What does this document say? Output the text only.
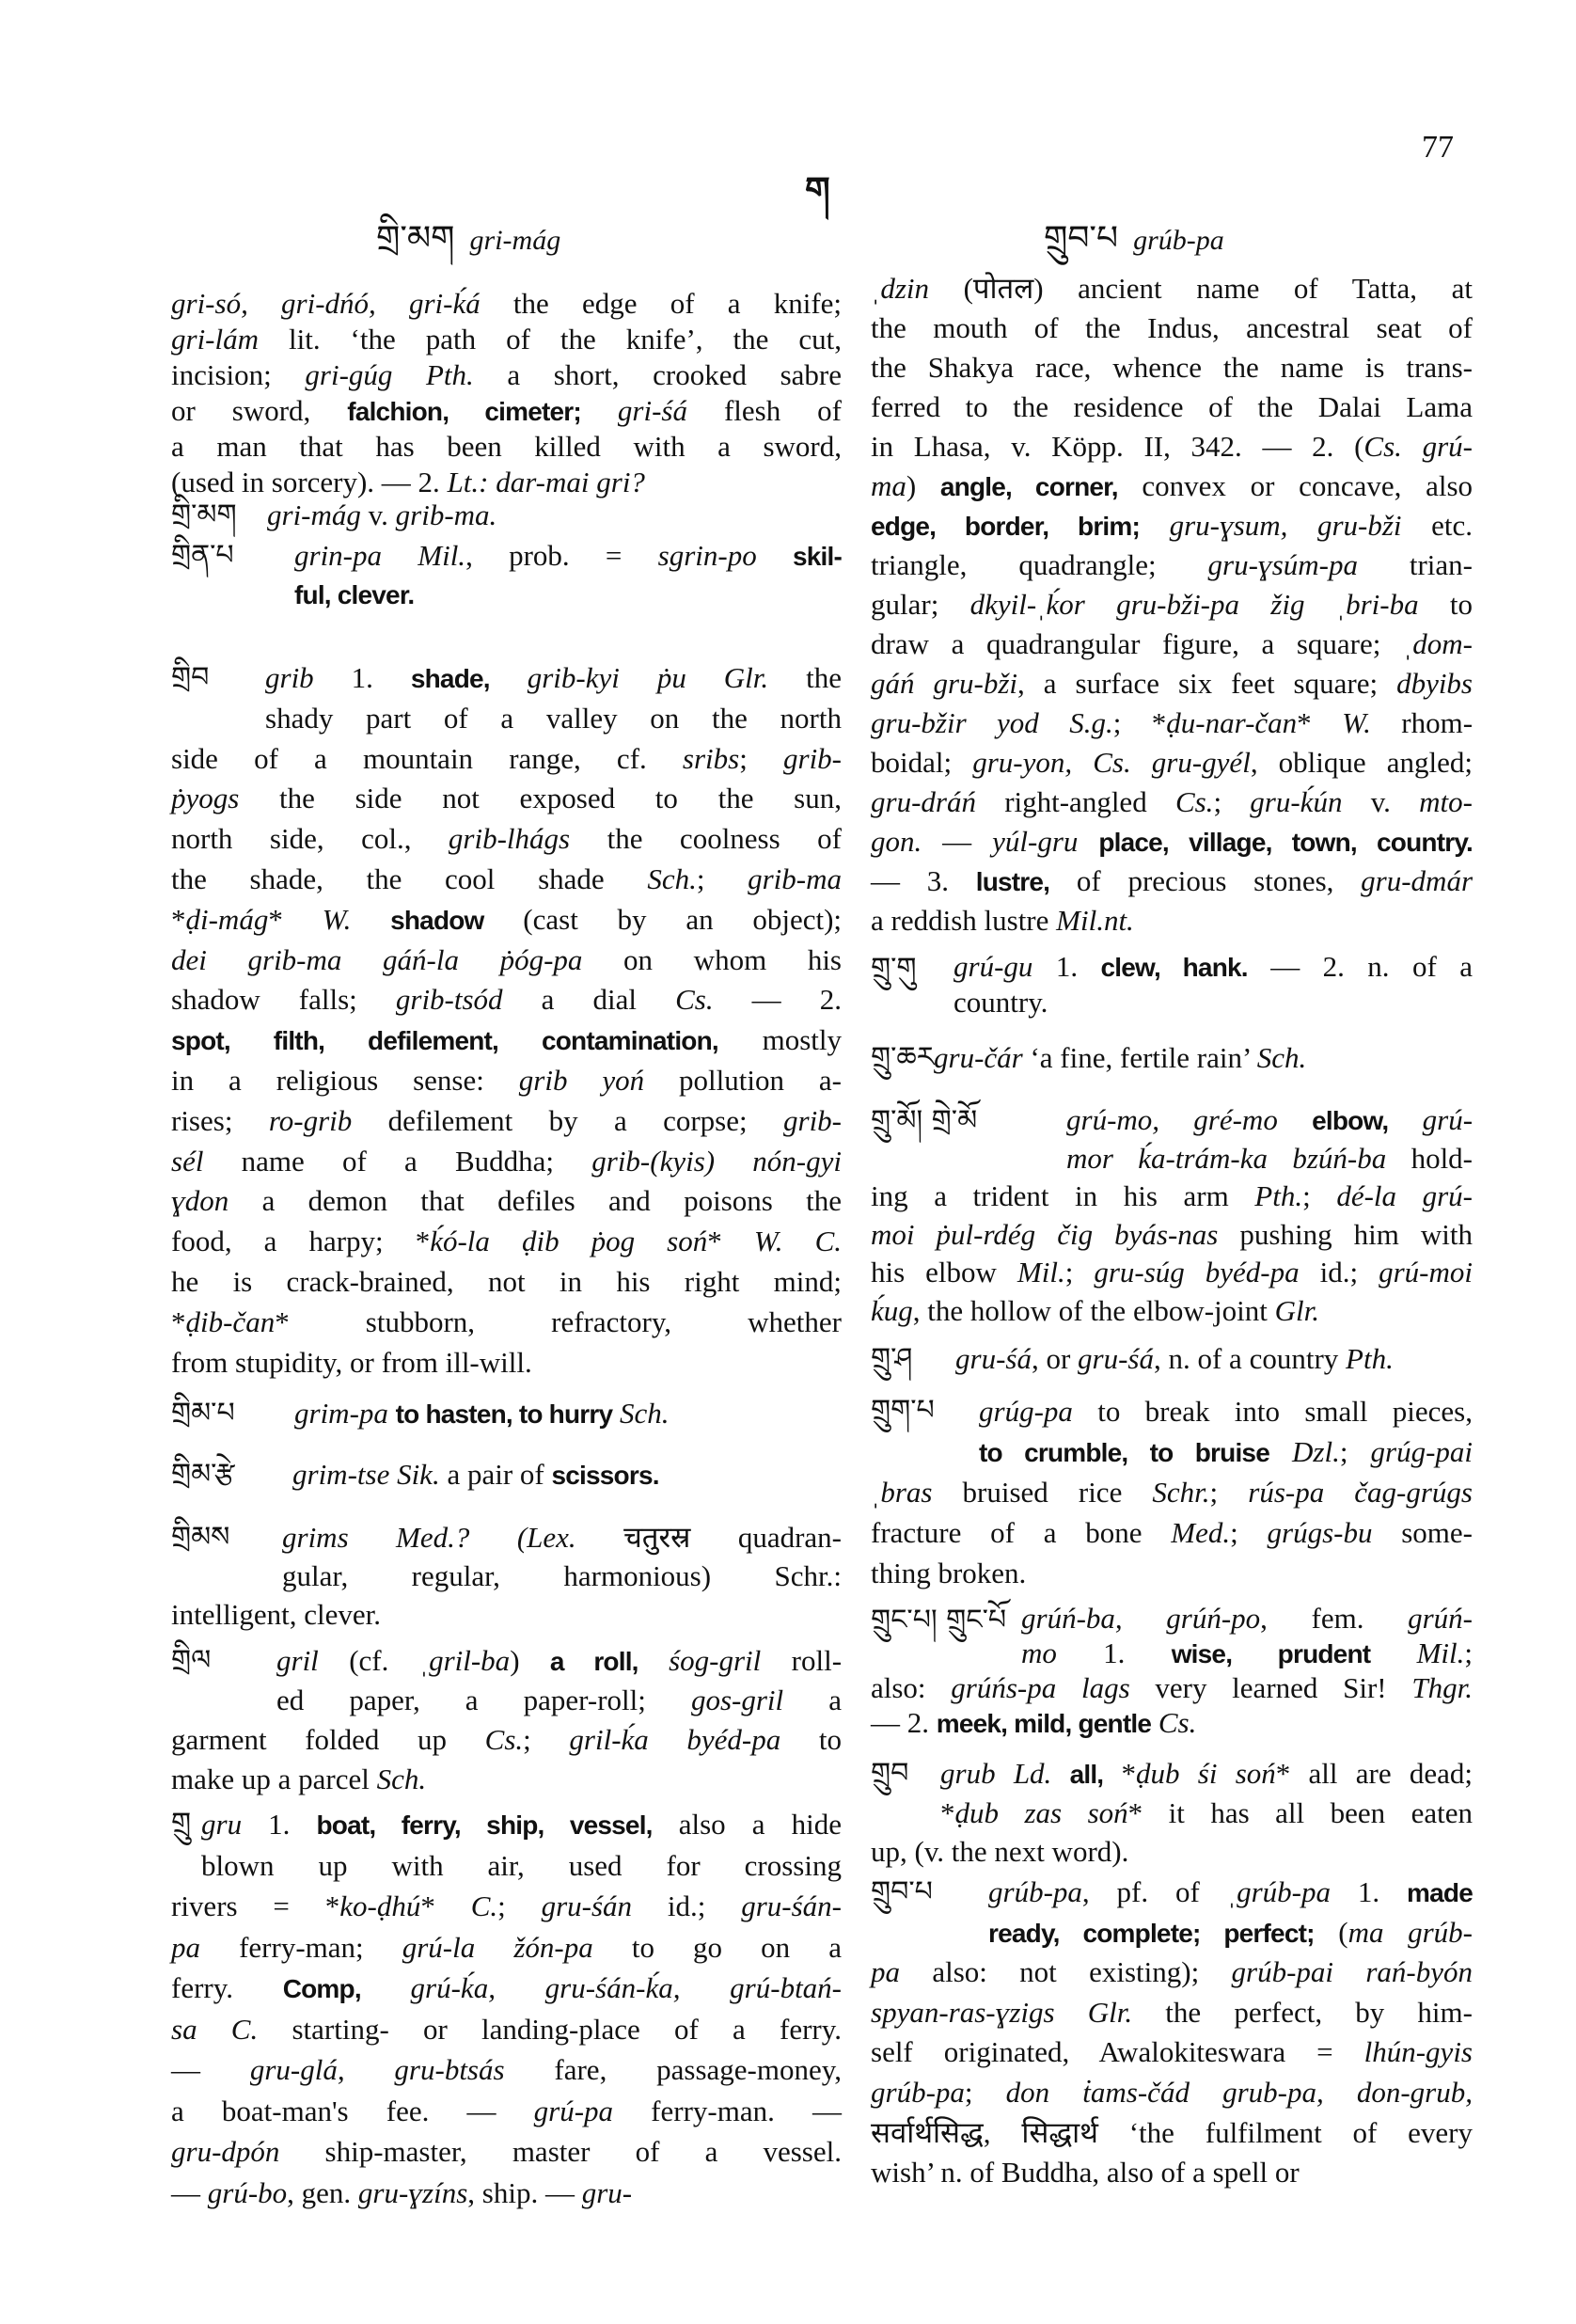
77
གྲི་མག gri-mág
ག
གྲུབ་པ grúb-pa
gri-só, gri-dńó, gri-ḱá the edge of a knife;
gri-lám lit. ‘the path of the knife’, the cut,
incision; gri-gúg Pth. a short, crooked sabre
or sword, falchion, cimeter; gri-śá flesh of
a man that has been killed with a sword,
(used in sorcery). — 2. Lt.: dar-mai gri?
གྲི་མག	gri-mág v. grib-ma.
གྲིན་པ	grin-pa Mil., prob. = sgrin-po skil-
ful, clever.
གྲིབ	grib 1. shade, grib-kyi ṗu Glr. the
shady part of a valley on the north
side of a mountain range, cf. sribs; grib-
ṗyogs the side not exposed to the sun,
north side, col., grib-lhágs the coolness of
the shade, the cool shade Sch.; grib-ma
*ḍi-mág* W. shadow (cast by an object);
dei grib-ma gáń-la ṗóg-pa on whom his
shadow falls; grib-tsód a dial Cs. — 2.
spot, filth, defilement, contamination, mostly
in a religious sense: grib yoń pollution a-
rises; ro-grib defilement by a corpse; grib-
sél name of a Buddha; grib-(kyis) nón-gyi
ɣdon a demon that defiles and poisons the
food, a harpy; *ḱó-la ḍib ṗog soń* W. C.
he is crack-brained, not in his right mind;
*ḍib-čan* stubborn, refractory, whether
from stupidity, or from ill-will.
གྲིམ་པ	grim-pa to hasten, to hurry Sch.
གྲིམ་རྩེ	grim-tse Sik. a pair of scissors.
གྲིམས	grims Med.? (Lex. चतुरस्र quadran-
gular, regular, harmonious) Schr.:
intelligent, clever.
གྲིལ	gril (cf. ˌgril-ba) a roll, śog-gril roll-
ed paper, a paper-roll; gos-gril a
garment folded up Cs.; gril-ḱa byéd-pa to
make up a parcel Sch.
གྲུ gru 1. boat, ferry, ship, vessel, also a hide
blown up with air, used for crossing
rivers = *ko-ḍhú* C.; gru-śán id.; gru-śán-
pa ferry-man; grú-la žón-pa to go on a
ferry. Comp, grú-ḱa, gru-śán-ḱa, grú-btań-
sa C. starting- or landing-place of a ferry.
— gru-glá, gru-btsás fare, passage-money,
a boat-man's fee. — grú-pa ferry-man. —
gru-dpón ship-master, master of a vessel.
— grú-bo, gen. gru-ɣzíns, ship. — gru-
ˌdzin (पोतल) ancient name of Tatta, at
the mouth of the Indus, ancestral seat of
the Shakya race, whence the name is trans-
ferred to the residence of the Dalai Lama
in Lhasa, v. Köpp. II, 342. — 2. (Cs. grú-
ma) angle, corner, convex or concave, also
edge, border, brim; gru-ɣsum, gru-bži etc.
triangle, quadrangle; gru-ɣsúm-pa trian-
gular; dkyil-ˌḱor gru-bži-pa žig ˌbri-ba to
draw a quadrangular figure, a square; ˌdom-
gáń gru-bži, a surface six feet square; dbyibs
gru-bžir yod S.g.; *ḍu-nar-čan* W. rhom-
boidal; gru-yon, Cs. gru-gyél, oblique angled;
gru-dráń right-angled Cs.; gru-ḱún v. mto-
gon. — yúl-gru place, village, town, country.
— 3. lustre, of precious stones, gru-dmár
a reddish lustre Mil.nt.
གྲུ་གུ	grú-gu 1. clew, hank. — 2. n. of a
country.
གྲུ་ཆར gru-čár ‘a fine, fertile rain’ Sch.
གྲུ་མོ། གྲེ་མོ	grú-mo, gré-mo elbow, grú-
mor ḱa-trám-ka bzúń-ba hold-
ing a trident in his arm Pth.; dé-la grú-
moi ṗul-rdég čig byás-nas pushing him with
his elbow Mil.; gru-súg byéd-pa id.; grú-moi
ḱug, the hollow of the elbow-joint Glr.
གྲུ་ཤ	gru-śá, or gru-śá, n. of a country Pth.
གྲུག་པ	grúg-pa to break into small pieces,
to crumble, to bruise Dzl.; grúg-pai
ˌbras bruised rice Schr.; rús-pa čag-grúgs
fracture of a bone Med.; grúgs-bu some-
thing broken.
གྲུང་པ། གྲུང་པོ grúń-ba, grúń-po, fem. grúń-
mo 1. wise, prudent Mil.;
also: grúńs-pa lags very learned Sir! Thgr.
— 2. meek, mild, gentle Cs.
གྲུབ	grub Ld. all, *ḍub śi soń* all are dead;
*ḍub zas soń* it has all been eaten
up, (v. the next word).
གྲུབ་པ	grúb-pa, pf. of ˌgrúb-pa 1. made
ready, complete; perfect; (ma grúb-
pa also: not existing); grúb-pai rań-byón
spyan-ras-ɣzigs Glr. the perfect, by him-
self originated, Awalokiteswara = lhún-gyis
grúb-pa; don ṫams-čád grub-pa, don-grub,
सर्वार्थसिद्ध, सिद्धार्थ ‘the fulfilment of every
wish’ n. of Buddha, also of a spell or
